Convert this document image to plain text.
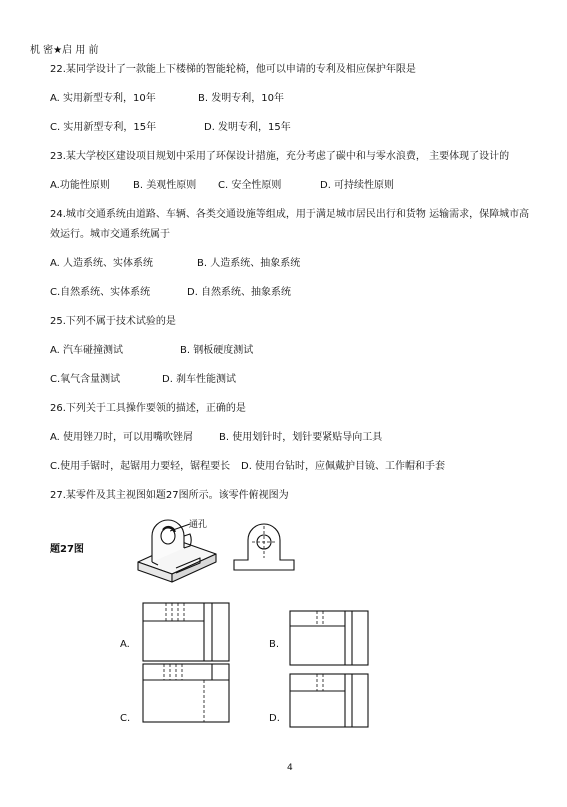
机 密★启 用 前
22.某同学设计了一款能上下楼梯的智能轮椅，他可以申请的专利及相应保护年限是
A. 实用新型专利，10年	B. 发明专利，10年
C. 实用新型专利，15年	D. 发明专利，15年
23.某大学校区建设项目规划中采用了环保设计措施，充分考虑了碳中和与零水浪费， 主要体现了设计的
A.功能性原则 B. 美观性原则 C. 安全性原则	D. 可持续性原则
24.城市交通系统由道路、车辆、各类交通设施等组成，用于满足城市居民出行和货物 运输需求，保障城市高
效运行。城市交通系统属于
A. 人造系统、实体系统	B. 人造系统、抽象系统
C.自然系统、实体系统	D. 自然系统、抽象系统
25.下列不属于技术试验的是
A. 汽车碰撞测试	B. 钢板硬度测试
C.氧气含量测试	D. 刹车性能测试
26.下列关于工具操作要领的描述，正确的是
A. 使用锉刀时，可以用嘴吹锉屑	B. 使用划针时，划针要紧贴导向工具
C.使用手锯时，起锯用力要轻，锯程要长 D. 使用台钻时，应佩戴护目镜、工作帽和手套
27.某零件及其主视图如题27图所示。该零件俯视图为
题27图
通孔
A.	B.
C.	D.
4
